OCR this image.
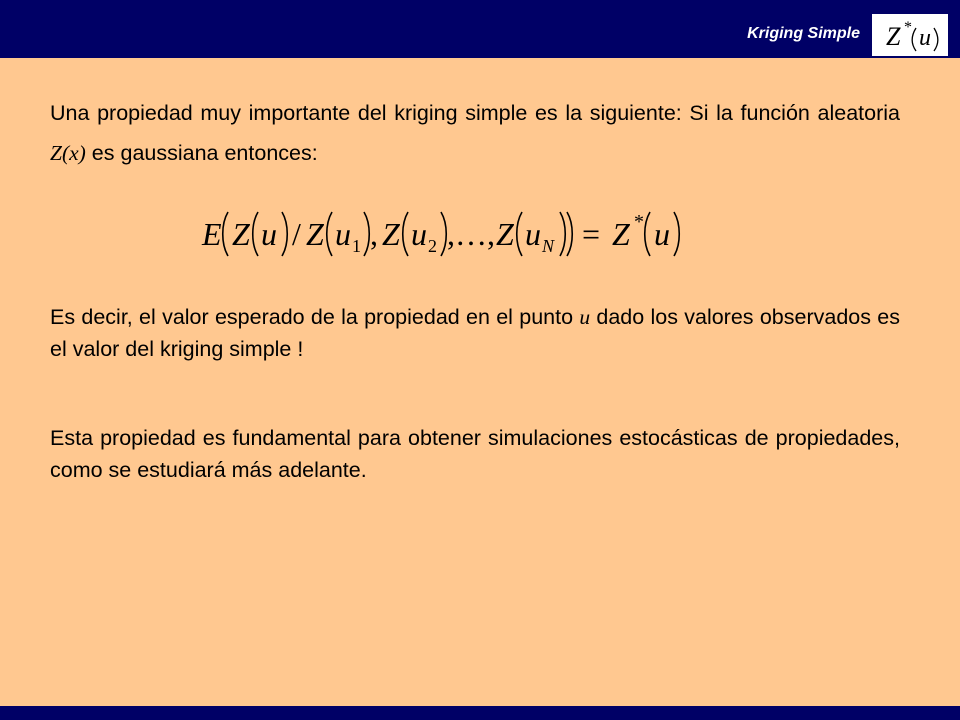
Kriging Simple Z * u
Una propiedad muy importante del kriging simple es la siguiente: Si la función aleatoria Z(x) es gaussiana entonces:
E Z u / Z u 1 , Z u 2 ,…, Z u N = Z * u
Es decir, el valor esperado de la propiedad en el punto u dado los valores observados es el valor del kriging simple !
Esta propiedad es fundamental para obtener simulaciones estocásticas de propiedades, como se estudiará más adelante.
